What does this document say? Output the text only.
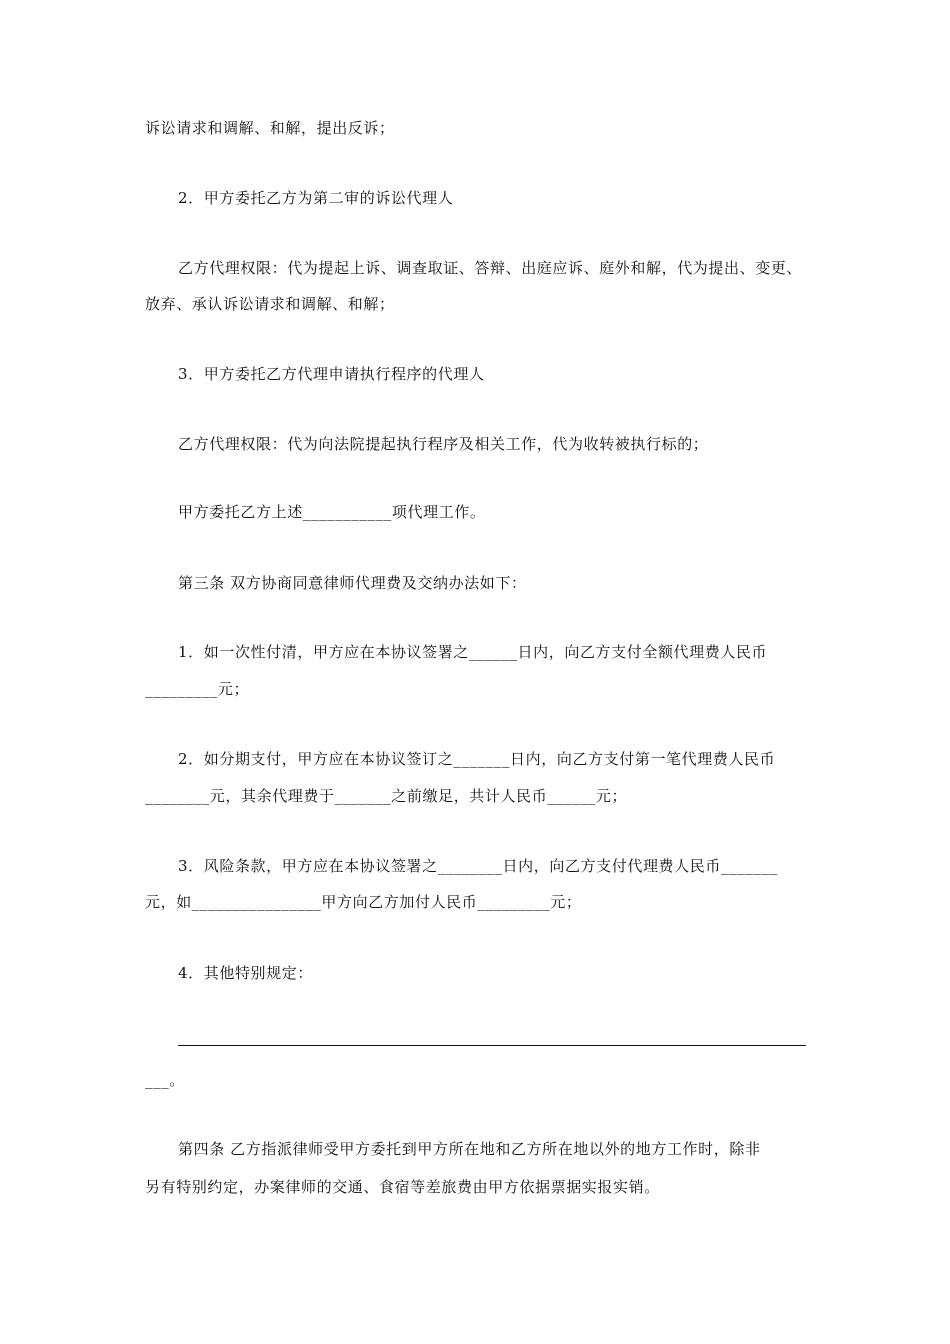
诉讼请求和调解、和解，提出反诉；
2．甲方委托乙方为第二审的诉讼代理人
乙方代理权限：代为提起上诉、调查取证、答辩、出庭应诉、庭外和解，代为提出、变更、
放弃、承认诉讼请求和调解、和解；
3．甲方委托乙方代理申请执行程序的代理人
乙方代理权限：代为向法院提起执行程序及相关工作，代为收转被执行标的；
甲方委托乙方上述___________项代理工作。
第三条 双方协商同意律师代理费及交纳办法如下：
1．如一次性付清，甲方应在本协议签署之______日内，向乙方支付全额代理费人民币
_________元；
2．如分期支付，甲方应在本协议签订之_______日内，向乙方支付第一笔代理费人民币
________元，其余代理费于_______之前缴足，共计人民币______元；
3．风险条款，甲方应在本协议签署之________日内，向乙方支付代理费人民币_______
元，如________________甲方向乙方加付人民币_________元；
4．其他特别规定：
___。
第四条 乙方指派律师受甲方委托到甲方所在地和乙方所在地以外的地方工作时，除非
另有特别约定，办案律师的交通、食宿等差旅费由甲方依据票据实报实销。
